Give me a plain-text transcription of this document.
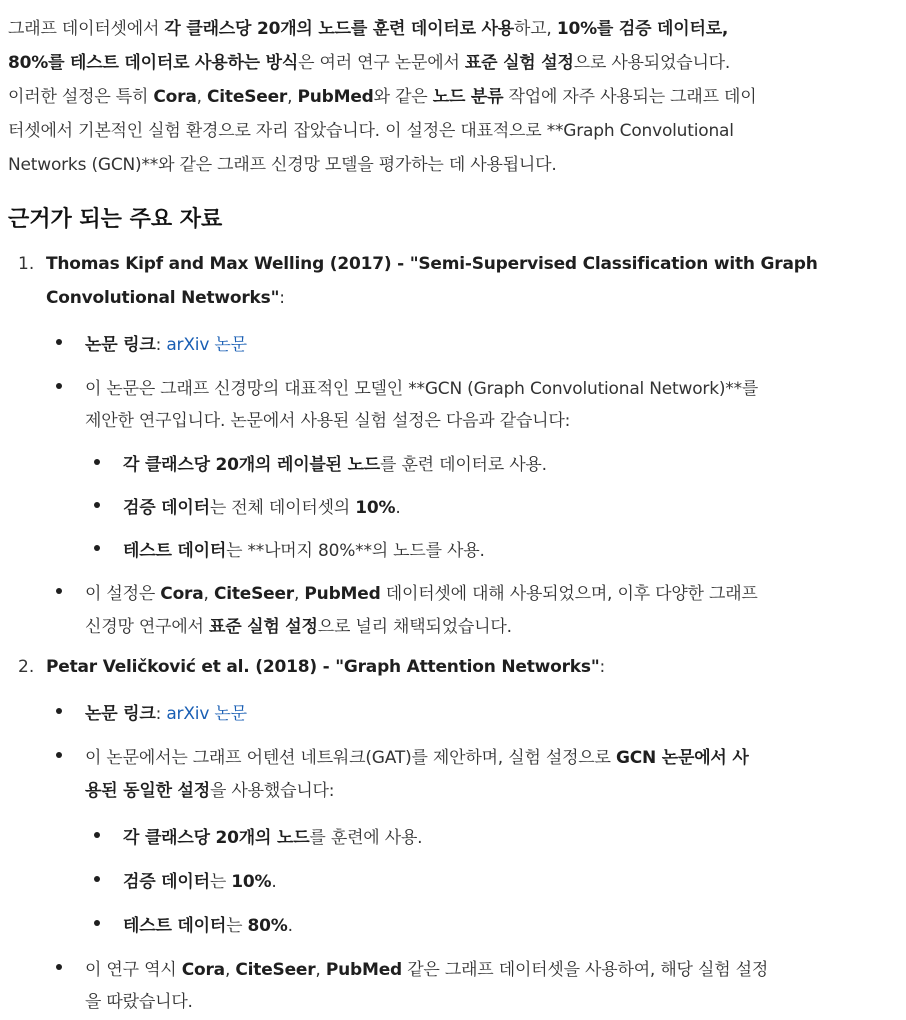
그래프 데이터셋에서 각 클래스당 20개의 노드를 훈련 데이터로 사용하고, 10%를 검증 데이터로,
80%를 테스트 데이터로 사용하는 방식은 여러 연구 논문에서 표준 실험 설정으로 사용되었습니다.
이러한 설정은 특히 Cora, CiteSeer, PubMed와 같은 노드 분류 작업에 자주 사용되는 그래프 데이
터셋에서 기본적인 실험 환경으로 자리 잡았습니다. 이 설정은 대표적으로 **Graph Convolutional
Networks (GCN)**와 같은 그래프 신경망 모델을 평가하는 데 사용됩니다.
근거가 되는 주요 자료
1. Thomas Kipf and Max Welling (2017) - "Semi-Supervised Classification with Graph
Convolutional Networks":
논문 링크: arXiv 논문
이 논문은 그래프 신경망의 대표적인 모델인 **GCN (Graph Convolutional Network)**를
제안한 연구입니다. 논문에서 사용된 실험 설정은 다음과 같습니다:
각 클래스당 20개의 레이블된 노드를 훈련 데이터로 사용.
검증 데이터는 전체 데이터셋의 10%.
테스트 데이터는 **나머지 80%**의 노드를 사용.
이 설정은 Cora, CiteSeer, PubMed 데이터셋에 대해 사용되었으며, 이후 다양한 그래프
신경망 연구에서 표준 실험 설정으로 널리 채택되었습니다.
2. Petar Veličković et al. (2018) - "Graph Attention Networks":
논문 링크: arXiv 논문
이 논문에서는 그래프 어텐션 네트워크(GAT)를 제안하며, 실험 설정으로 GCN 논문에서 사
용된 동일한 설정을 사용했습니다:
각 클래스당 20개의 노드를 훈련에 사용.
검증 데이터는 10%.
테스트 데이터는 80%.
이 연구 역시 Cora, CiteSeer, PubMed 같은 그래프 데이터셋을 사용하여, 해당 실험 설정
을 따랐습니다.
